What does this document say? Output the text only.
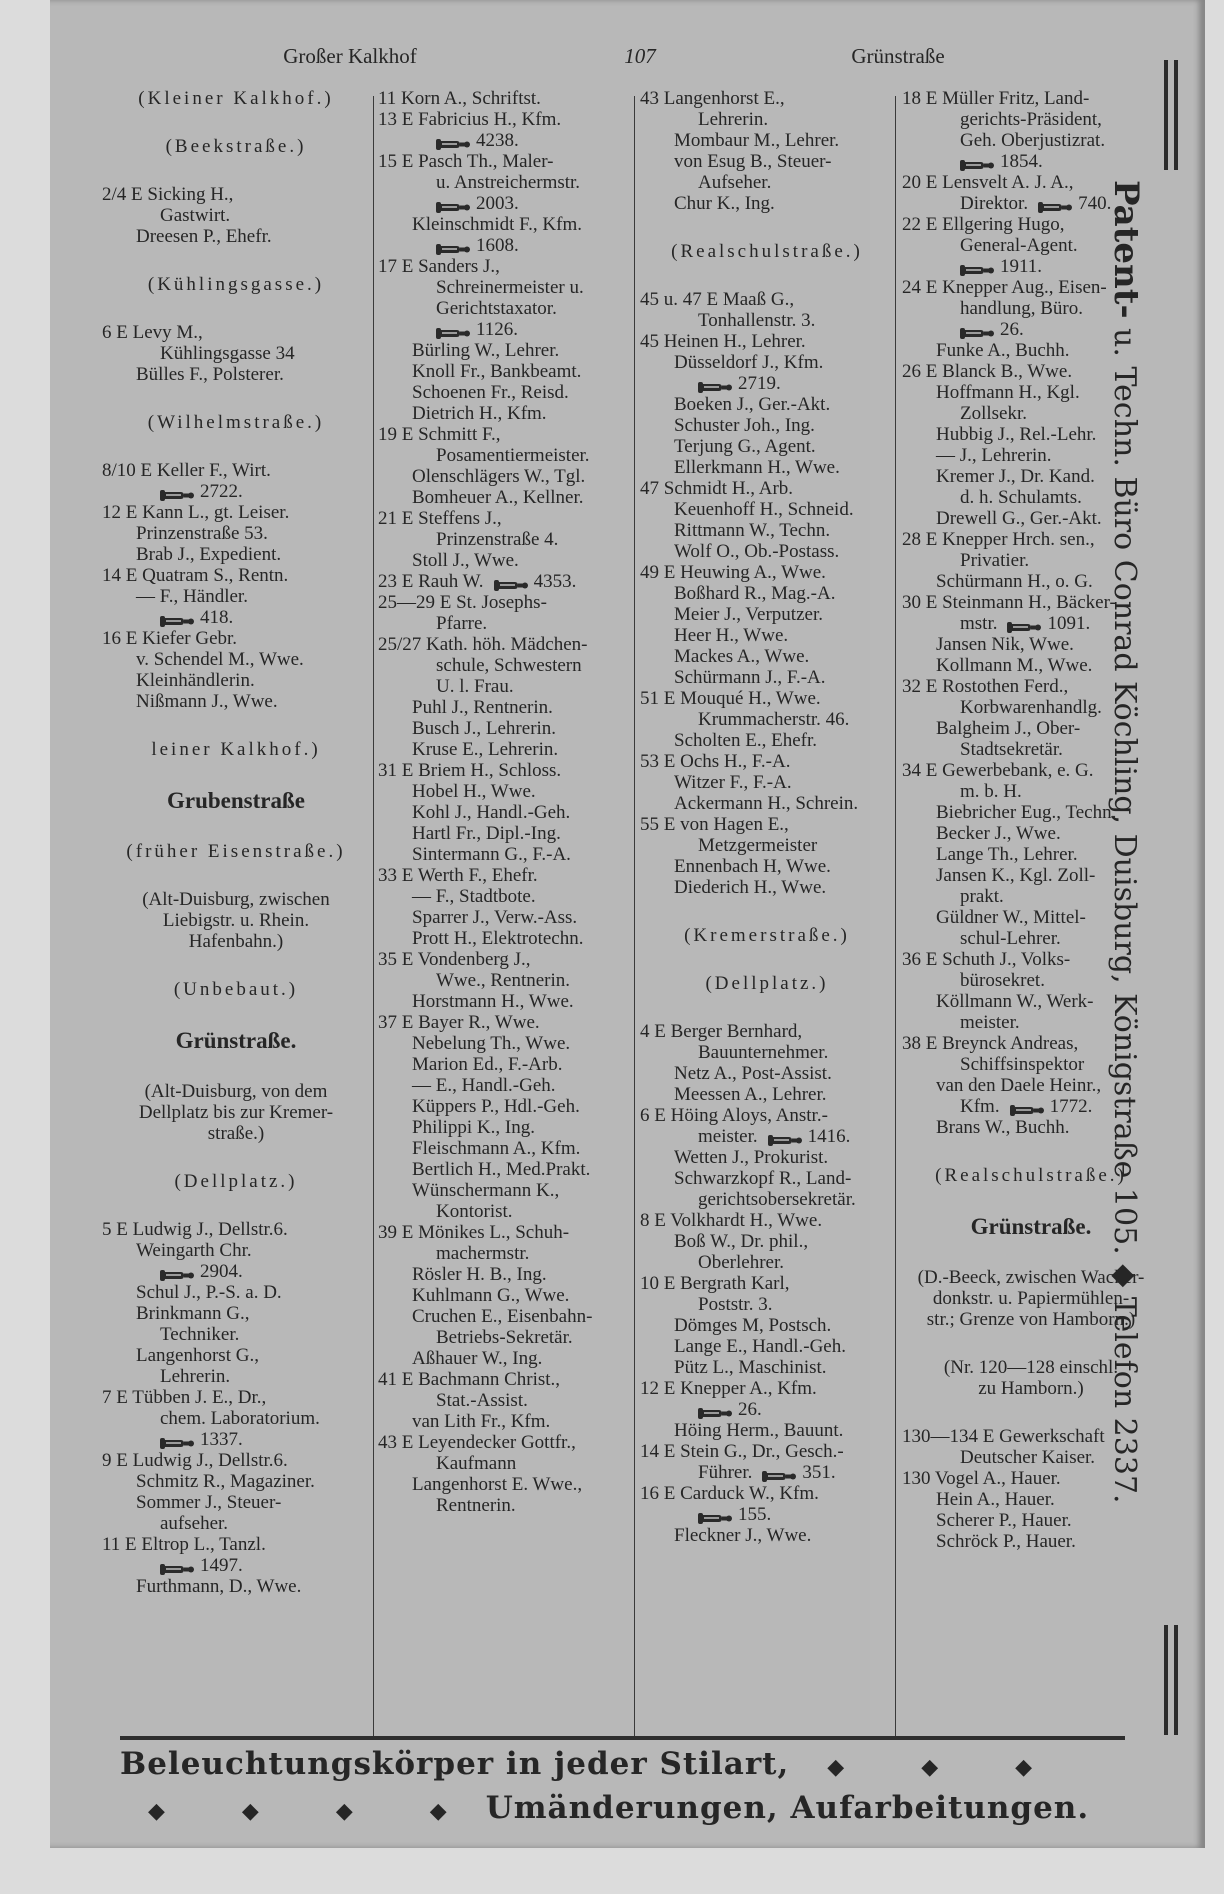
Großer Kalkhof	107	Grünstraße
(Kleiner Kalkhof.)
(Beekstraße.)
2/4 E Sicking H.,
Gastwirt.
Dreesen P., Ehefr.
(Kühlingsgasse.)
6 E Levy M.,
Kühlingsgasse 34
Bülles F., Polsterer.
(Wilhelmstraße.)
8/10 E Keller F., Wirt.
2722.
12 E Kann L., gt. Leiser.
Prinzenstraße 53.
Brab J., Expedient.
14 E Quatram S., Rentn.
— F., Händler.
418.
16 E Kiefer Gebr.
v. Schendel M., Wwe.
Kleinhändlerin.
Nißmann J., Wwe.
leiner Kalkhof.)
Grubenstraße
(früher Eisenstraße.)
(Alt-Duisburg, zwischen
Liebigstr. u. Rhein.
Hafenbahn.)
(Unbebaut.)
Grünstraße.
(Alt-Duisburg, von dem
Dellplatz bis zur Kremer-
straße.)
(Dellplatz.)
5 E Ludwig J., Dellstr.6.
Weingarth Chr.
2904.
Schul J., P.-S. a. D.
Brinkmann G.,
Techniker.
Langenhorst G.,
Lehrerin.
7 E Tübben J. E., Dr.,
chem. Laboratorium.
1337.
9 E Ludwig J., Dellstr.6.
Schmitz R., Magaziner.
Sommer J., Steuer-
aufseher.
11 E Eltrop L., Tanzl.
1497.
Furthmann, D., Wwe.
11 Korn A., Schriftst.
13 E Fabricius H., Kfm.
4238.
15 E Pasch Th., Maler-
u. Anstreichermstr.
2003.
Kleinschmidt F., Kfm.
1608.
17 E Sanders J.,
Schreinermeister u.
Gerichtstaxator.
1126.
Bürling W., Lehrer.
Knoll Fr., Bankbeamt.
Schoenen Fr., Reisd.
Dietrich H., Kfm.
19 E Schmitt F.,
Posamentiermeister.
Olenschlägers W., Tgl.
Bomheuer A., Kellner.
21 E Steffens J.,
Prinzenstraße 4.
Stoll J., Wwe.
23 E Rauh W.	4353.
25—29 E St. Josephs-
Pfarre.
25/27 Kath. höh. Mädchen-
schule, Schwestern
U. l. Frau.
Puhl J., Rentnerin.
Busch J., Lehrerin.
Kruse E., Lehrerin.
31 E Briem H., Schloss.
Hobel H., Wwe.
Kohl J., Handl.-Geh.
Hartl Fr., Dipl.-Ing.
Sintermann G., F.-A.
33 E Werth F., Ehefr.
— F., Stadtbote.
Sparrer J., Verw.-Ass.
Prott H., Elektrotechn.
35 E Vondenberg J.,
Wwe., Rentnerin.
Horstmann H., Wwe.
37 E Bayer R., Wwe.
Nebelung Th., Wwe.
Marion Ed., F.-Arb.
— E., Handl.-Geh.
Küppers P., Hdl.-Geh.
Philippi K., Ing.
Fleischmann A., Kfm.
Bertlich H., Med.Prakt.
Wünschermann K.,
Kontorist.
39 E Mönikes L., Schuh-
machermstr.
Rösler H. B., Ing.
Kuhlmann G., Wwe.
Cruchen E., Eisenbahn-
Betriebs-Sekretär.
Aßhauer W., Ing.
41 E Bachmann Christ.,
Stat.-Assist.
van Lith Fr., Kfm.
43 E Leyendecker Gottfr.,
Kaufmann
Langenhorst E. Wwe.,
Rentnerin.
43 Langenhorst E.,
Lehrerin.
Mombaur M., Lehrer.
von Esug B., Steuer-
Aufseher.
Chur K., Ing.
(Realschulstraße.)
45 u. 47 E Maaß G.,
Tonhallenstr. 3.
45 Heinen H., Lehrer.
Düsseldorf J., Kfm.
2719.
Boeken J., Ger.-Akt.
Schuster Joh., Ing.
Terjung G., Agent.
Ellerkmann H., Wwe.
47 Schmidt H., Arb.
Keuenhoff H., Schneid.
Rittmann W., Techn.
Wolf O., Ob.-Postass.
49 E Heuwing A., Wwe.
Boßhard R., Mag.-A.
Meier J., Verputzer.
Heer H., Wwe.
Mackes A., Wwe.
Schürmann J., F.-A.
51 E Mouqué H., Wwe.
Krummacherstr. 46.
Scholten E., Ehefr.
53 E Ochs H., F.-A.
Witzer F., F.-A.
Ackermann H., Schrein.
55 E von Hagen E.,
Metzgermeister
Ennenbach H, Wwe.
Diederich H., Wwe.
(Kremerstraße.)
(Dellplatz.)
4 E Berger Bernhard,
Bauunternehmer.
Netz A., Post-Assist.
Meessen A., Lehrer.
6 E Höing Aloys, Anstr.-
meister.	1416.
Wetten J., Prokurist.
Schwarzkopf R., Land-
gerichtsobersekretär.
8 E Volkhardt H., Wwe.
Boß W., Dr. phil.,
Oberlehrer.
10 E Bergrath Karl,
Poststr. 3.
Dömges M, Postsch.
Lange E., Handl.-Geh.
Pütz L., Maschinist.
12 E Knepper A., Kfm.
26.
Höing Herm., Bauunt.
14 E Stein G., Dr., Gesch.-
Führer.	351.
16 E Carduck W., Kfm.
155.
Fleckner J., Wwe.
18 E Müller Fritz, Land-
gerichts-Präsident,
Geh. Oberjustizrat.
1854.
20 E Lensvelt A. J. A.,
Direktor.	740.
22 E Ellgering Hugo,
General-Agent.
1911.
24 E Knepper Aug., Eisen-
handlung, Büro.
26.
Funke A., Buchh.
26 E Blanck B., Wwe.
Hoffmann H., Kgl.
Zollsekr.
Hubbig J., Rel.-Lehr.
— J., Lehrerin.
Kremer J., Dr. Kand.
d. h. Schulamts.
Drewell G., Ger.-Akt.
28 E Knepper Hrch. sen.,
Privatier.
Schürmann H., o. G.
30 E Steinmann H., Bäcker-
mstr.	1091.
Jansen Nik, Wwe.
Kollmann M., Wwe.
32 E Rostothen Ferd.,
Korbwarenhandlg.
Balgheim J., Ober-
Stadtsekretär.
34 E Gewerbebank, e. G.
m. b. H.
Biebricher Eug., Techn.
Becker J., Wwe.
Lange Th., Lehrer.
Jansen K., Kgl. Zoll-
prakt.
Güldner W., Mittel-
schul-Lehrer.
36 E Schuth J., Volks-
bürosekret.
Köllmann W., Werk-
meister.
38 E Breynck Andreas,
Schiffsinspektor
van den Daele Heinr.,
Kfm.	1772.
Brans W., Buchh.
(Realschulstraße.)
Grünstraße.
(D.-Beeck, zwischen Wacker-
donkstr. u. Papiermühlen-
str.; Grenze von Hamborn.)
(Nr. 120—128 einschl.
zu Hamborn.)
130—134 E Gewerkschaft
Deutscher Kaiser.
130 Vogel A., Hauer.
Hein A., Hauer.
Scherer P., Hauer.
Schröck P., Hauer.
Beleuchtungskörper in jeder Stilart, ◆	◆	◆
◆	◆	◆	◆ Umänderungen, Aufarbeitungen.
Patent- u. Techn. Büro Conrad Köchling, Duisburg, Königstraße 105. ◆ Telefon 2337.
